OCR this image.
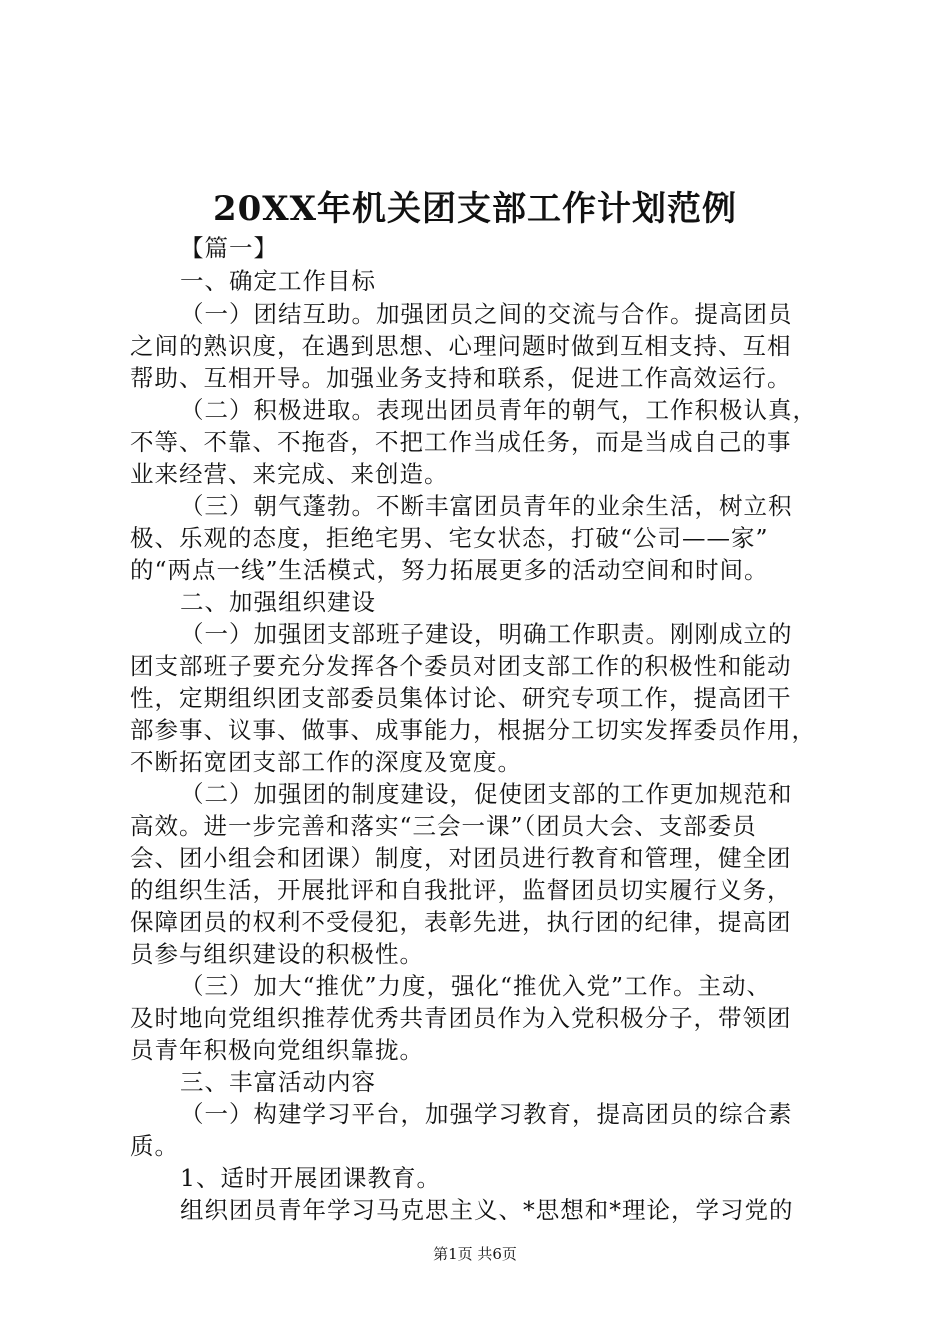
20XX年机关团支部工作计划范例
【篇一】
一、确定工作目标
（一）团结互助。加强团员之间的交流与合作。提高团员
之间的熟识度，在遇到思想、心理问题时做到互相支持、互相
帮助、互相开导。加强业务支持和联系，促进工作高效运行。
（二）积极进取。表现出团员青年的朝气，工作积极认真，
不等、不靠、不拖沓，不把工作当成任务，而是当成自己的事
业来经营、来完成、来创造。
（三）朝气蓬勃。不断丰富团员青年的业余生活，树立积
极、乐观的态度，拒绝宅男、宅女状态，打破“公司——家”
的“两点一线”生活模式，努力拓展更多的活动空间和时间。
二、加强组织建设
（一）加强团支部班子建设，明确工作职责。刚刚成立的
团支部班子要充分发挥各个委员对团支部工作的积极性和能动
性，定期组织团支部委员集体讨论、研究专项工作，提高团干
部参事、议事、做事、成事能力，根据分工切实发挥委员作用，
不断拓宽团支部工作的深度及宽度。
（二）加强团的制度建设，促使团支部的工作更加规范和
高效。进一步完善和落实“三会一课”（团员大会、支部委员
会、团小组会和团课）制度，对团员进行教育和管理，健全团
的组织生活，开展批评和自我批评，监督团员切实履行义务，
保障团员的权利不受侵犯，表彰先进，执行团的纪律，提高团
员参与组织建设的积极性。
（三）加大“推优”力度，强化“推优入党”工作。主动、
及时地向党组织推荐优秀共青团员作为入党积极分子，带领团
员青年积极向党组织靠拢。
三、丰富活动内容
（一）构建学习平台，加强学习教育，提高团员的综合素
质。
1、适时开展团课教育。
组织团员青年学习马克思主义、*思想和*理论，学习党的
第1页 共6页
